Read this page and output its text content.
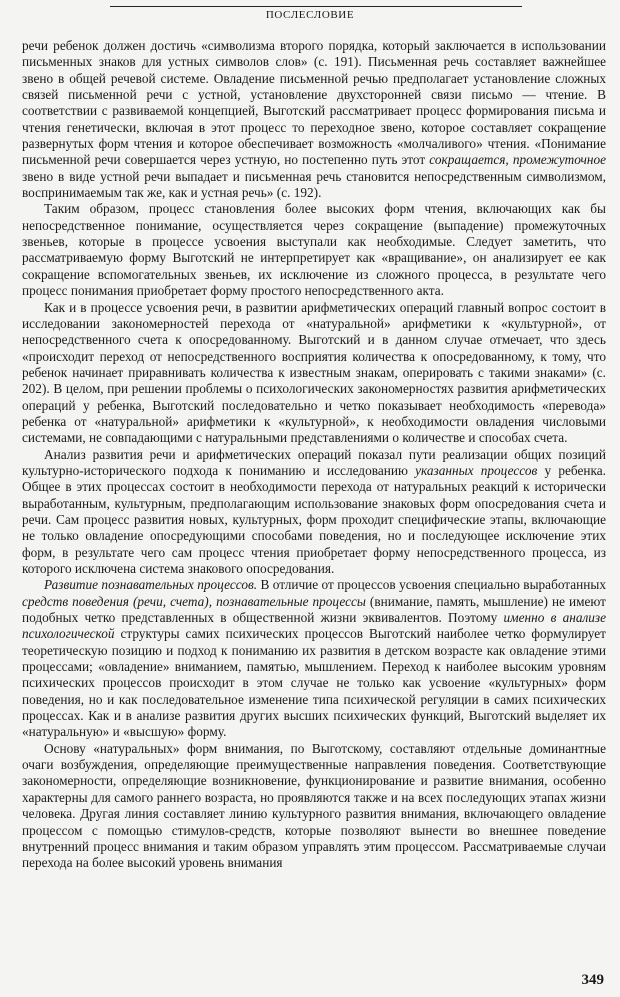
ПОСЛЕСЛОВИЕ

речи ребенок должен достичь «символизма второго порядка, который заключается в использовании письменных знаков для устных символов слов» (с. 191). Письменная речь составляет важнейшее звено в общей речевой системе. Овладение письменной речью предполагает установление сложных связей письменной речи с устной, установление двухсторонней связи письмо — чтение. В соответствии с развиваемой концепцией, Выготский рассматривает процесс формирования письма и чтения генетически, включая в этот процесс то переходное звено, которое составляет сокращение развернутых форм чтения и которое обеспечивает возможность «молчаливого» чтения. «Понимание письменной речи совершается через устную, но постепенно путь этот сокращается, промежуточное звено в виде устной речи выпадает и письменная речь становится непосредственным символизмом, воспринимаемым так же, как и устная речь» (с. 192).

Таким образом, процесс становления более высоких форм чтения, включающих как бы непосредственное понимание, осуществляется через сокращение (выпадение) промежуточных звеньев, которые в процессе усвоения выступали как необходимые. Следует заметить, что рассматриваемую форму Выготский не интерпретирует как «вращивание», он анализирует ее как сокращение вспомогательных звеньев, их исключение из сложного процесса, в результате чего процесс понимания приобретает форму простого непосредственного акта.

Как и в процессе усвоения речи, в развитии арифметических операций главный вопрос состоит в исследовании закономерностей перехода от «натуральной» арифметики к «культурной», от непосредственного счета к опосредованному. Выготский и в данном случае отмечает, что здесь «происходит переход от непосредственного восприятия количества к опосредованному, к тому, что ребенок начинает приравнивать количества к известным знакам, оперировать с такими знаками» (с. 202). В целом, при решении проблемы о психологических закономерностях развития арифметических операций у ребенка, Выготский последовательно и четко показывает необходимость «перевода» ребенка от «натуральной» арифметики к «культурной», к необходимости овладения числовыми системами, не совпадающими с натуральными представлениями о количестве и способах счета.

Анализ развития речи и арифметических операций показал пути реализации общих позиций культурно-исторического подхода к пониманию и исследованию указанных процессов у ребенка. Общее в этих процессах состоит в необходимости перехода от натуральных реакций к исторически выработанным, культурным, предполагающим использование знаковых форм опосредования счета и речи. Сам процесс развития новых, культурных, форм проходит специфические этапы, включающие не только овладение опосредующими способами поведения, но и последующее исключение этих форм, в результате чего сам процесс чтения приобретает форму непосредственного процесса, из которого исключена система знакового опосредования.

Развитие познавательных процессов. В отличие от процессов усвоения специально выработанных средств поведения (речи, счета), познавательные процессы (внимание, память, мышление) не имеют подобных четко представленных в общественной жизни эквивалентов. Поэтому именно в анализе психологической структуры самих психических процессов Выготский наиболее четко формулирует теоретическую позицию и подход к пониманию их развития в детском возрасте как овладение этими процессами; «овладение» вниманием, памятью, мышлением. Переход к наиболее высоким уровням психических процессов происходит в этом случае не только как усвоение «культурных» форм поведения, но и как последовательное изменение типа психической регуляции в самих психических процессах. Как и в анализе развития других высших психических функций, Выготский выделяет их «натуральную» и «высшую» форму.

Основу «натуральных» форм внимания, по Выготскому, составляют отдельные доминантные очаги возбуждения, определяющие преимущественные направления поведения. Соответствующие закономерности, определяющие возникновение, функционирование и развитие внимания, особенно характерны для самого раннего возраста, но проявляются также и на всех последующих этапах жизни человека. Другая линия составляет линию культурного развития внимания, включающего овладение процессом с помощью стимулов-средств, которые позволяют вынести во внешнее поведение внутренний процесс внимания и таким образом управлять этим процессом. Рассматриваемые случаи перехода на более высокий уровень внимания

349
